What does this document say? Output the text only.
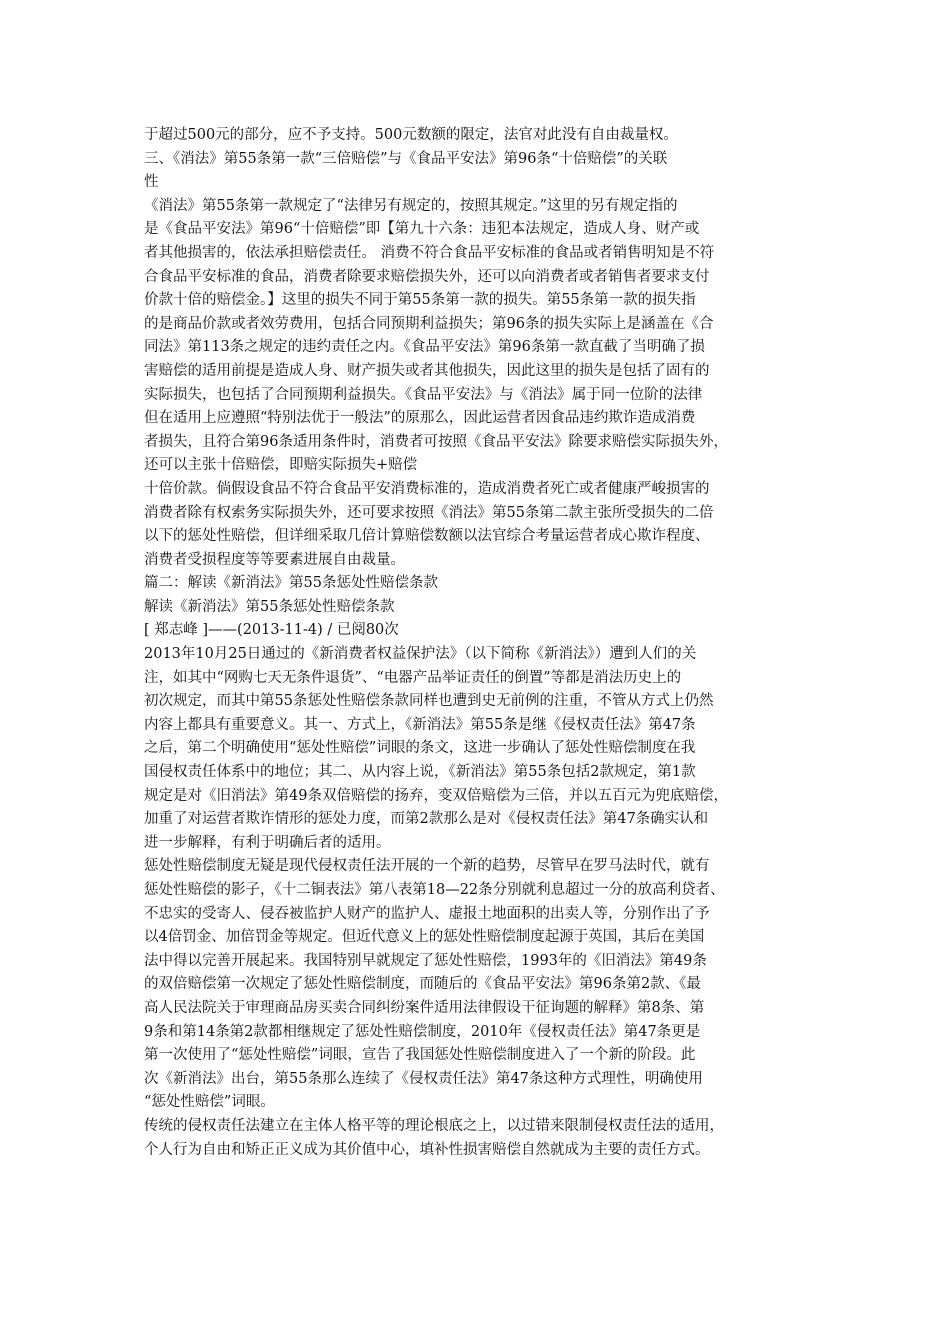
于超过500元的部分，应不予支持。500元数额的限定，法官对此没有自由裁量权。
三、《消法》第55条第一款“三倍赔偿”与《食品平安法》第96条“十倍赔偿”的关联
性
《消法》第55条第一款规定了“法律另有规定的，按照其规定。”这里的另有规定指的
是《食品平安法》第96“十倍赔偿”即【第九十六条：违犯本法规定，造成人身、财产或
者其他损害的，依法承担赔偿责任。 消费不符合食品平安标准的食品或者销售明知是不符
合食品平安标准的食品，消费者除要求赔偿损失外，还可以向消费者或者销售者要求支付
价款十倍的赔偿金。】这里的损失不同于第55条第一款的损失。第55条第一款的损失指
的是商品价款或者效劳费用，包括合同预期利益损失；第96条的损失实际上是涵盖在《合
同法》第113条之规定的违约责任之内。《食品平安法》第96条第一款直截了当明确了损
害赔偿的适用前提是造成人身、财产损失或者其他损失，因此这里的损失是包括了固有的
实际损失，也包括了合同预期利益损失。《食品平安法》与《消法》属于同一位阶的法律
但在适用上应遵照“特别法优于一般法”的原那么，因此运营者因食品违约欺诈造成消费
者损失，且符合第96条适用条件时，消费者可按照《食品平安法》除要求赔偿实际损失外，
还可以主张十倍赔偿，即赔实际损失+赔偿
十倍价款。倘假设食品不符合食品平安消费标准的，造成消费者死亡或者健康严峻损害的
消费者除有权索务实际损失外，还可要求按照《消法》第55条第二款主张所受损失的二倍
以下的惩处性赔偿，但详细采取几倍计算赔偿数额以法官综合考量运营者成心欺诈程度、
消费者受损程度等等要素进展自由裁量。
篇二：解读《新消法》第55条惩处性赔偿条款
解读《新消法》第55条惩处性赔偿条款
[ 郑志峰 ]——(2013-11-4) / 已阅80次
2013年10月25日通过的《新消费者权益保护法》（以下简称《新消法》）遭到人们的关
注，如其中“网购七天无条件退货”、“电器产品举证责任的倒置”等都是消法历史上的
初次规定，而其中第55条惩处性赔偿条款同样也遭到史无前例的注重，不管从方式上仍然
内容上都具有重要意义。其一、方式上，《新消法》第55条是继《侵权责任法》第47条
之后，第二个明确使用“惩处性赔偿”词眼的条文，这进一步确认了惩处性赔偿制度在我
国侵权责任体系中的地位；其二、从内容上说，《新消法》第55条包括2款规定，第1款
规定是对《旧消法》第49条双倍赔偿的扬弃，变双倍赔偿为三倍，并以五百元为兜底赔偿，
加重了对运营者欺诈情形的惩处力度，而第2款那么是对《侵权责任法》第47条确实认和
进一步解释，有利于明确后者的适用。
惩处性赔偿制度无疑是现代侵权责任法开展的一个新的趋势，尽管早在罗马法时代，就有
惩处性赔偿的影子，《十二铜表法》第八表第18—22条分别就利息超过一分的放高利贷者、
不忠实的受寄人、侵吞被监护人财产的监护人、虚报土地面积的出卖人等，分别作出了予
以4倍罚金、加倍罚金等规定。但近代意义上的惩处性赔偿制度起源于英国，其后在美国
法中得以完善开展起来。我国特别早就规定了惩处性赔偿，1993年的《旧消法》第49条
的双倍赔偿第一次规定了惩处性赔偿制度，而随后的《食品平安法》第96条第2款、《最
高人民法院关于审理商品房买卖合同纠纷案件适用法律假设干征询题的解释》第8条、第
9条和第14条第2款都相继规定了惩处性赔偿制度，2010年《侵权责任法》第47条更是
第一次使用了“惩处性赔偿”词眼，宣告了我国惩处性赔偿制度进入了一个新的阶段。此
次《新消法》出台，第55条那么连续了《侵权责任法》第47条这种方式理性，明确使用
“惩处性赔偿”词眼。
传统的侵权责任法建立在主体人格平等的理论根底之上，以过错来限制侵权责任法的适用，
个人行为自由和矫正正义成为其价值中心，填补性损害赔偿自然就成为主要的责任方式。
